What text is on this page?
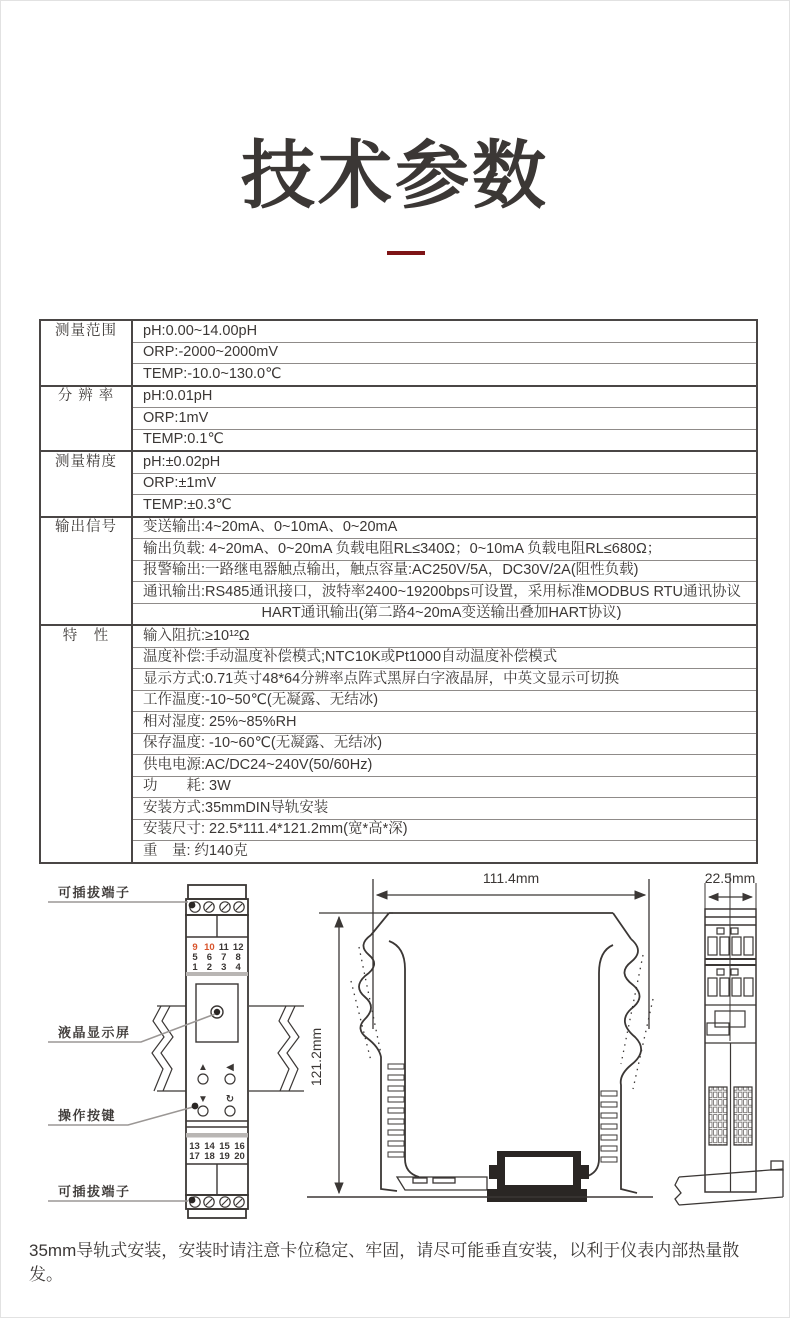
技术参数
测量范围	pH:0.00~14.00pH
	ORP:-2000~2000mV
	TEMP:-10.0~130.0℃
分 辨 率	pH:0.01pH
	ORP:1mV
	TEMP:0.1℃
测量精度	pH:±0.02pH
	ORP:±1mV
	TEMP:±0.3℃
输出信号	变送输出:4~20mA、0~10mA、0~20mA
	输出负载: 4~20mA、0~20mA 负载电阻RL≤340Ω；0~10mA 负载电阻RL≤680Ω；
	报警输出:一路继电器触点输出，触点容量:AC250V/5A，DC30V/2A(阻性负载)
	通讯输出:RS485通讯接口，波特率2400~19200bps可设置，采用标准MODBUS RTU通讯协议
	HART通讯输出(第二路4~20mA变送输出叠加HART协议)
特　性	输入阻抗:≥10¹²Ω
	温度补偿:手动温度补偿模式;NTC10K或Pt1000自动温度补偿模式
	显示方式:0.71英寸48*64分辨率点阵式黑屏白字液晶屏，中英文显示可切换
	工作温度:-10~50℃(无凝露、无结冰)
	相对湿度: 25%~85%RH
	保存温度: -10~60℃(无凝露、无结冰)
	供电电源:AC/DC24~240V(50/60Hz)
	功　　耗: 3W
	安装方式:35mmDIN导轨安装
	安装尺寸: 22.5*111.4*121.2mm(宽*高*深)
	重　量: 约140克
▲ ◀
▼ ↻
9 10 11 12
5 6 7 8
1 2 3 4
13 14 15 16
17 18 19 20
可插拔端子
液晶显示屏
操作按键
可插拔端子
111.4mm
121.2mm
22.5mm

35mm导轨式安装，安装时请注意卡位稳定、牢固，请尽可能垂直安装，以利于仪表内部热量散发。
